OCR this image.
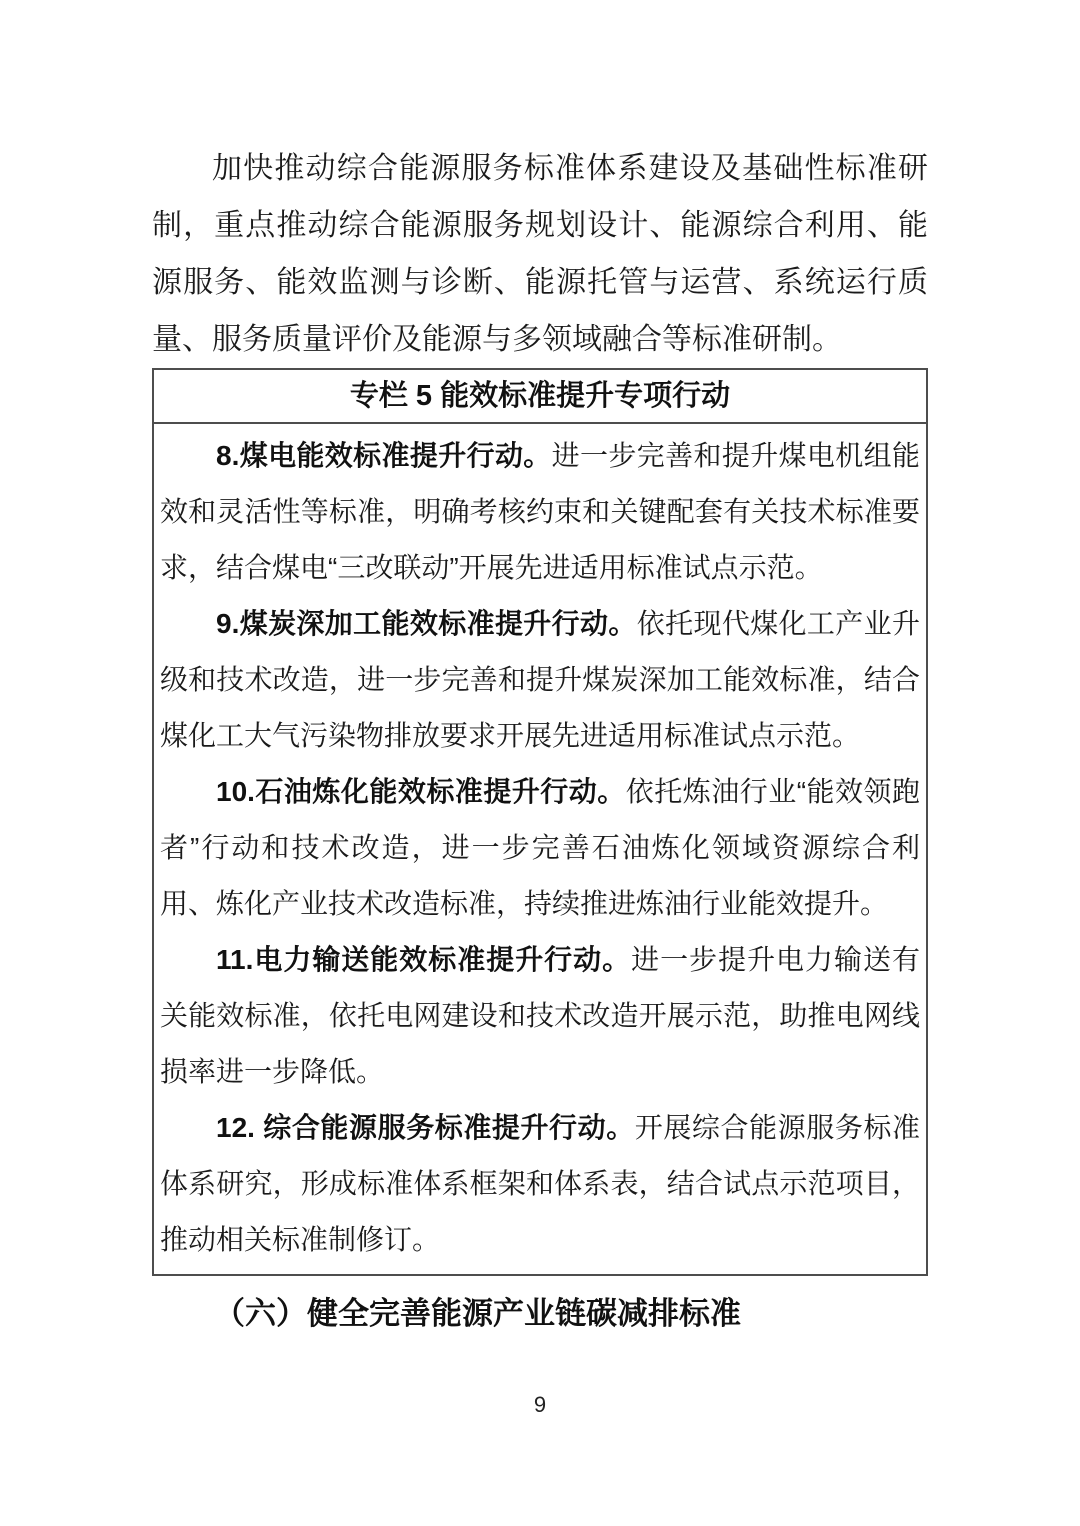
加快推动综合能源服务标准体系建设及基础性标准研制，重点推动综合能源服务规划设计、能源综合利用、能源服务、能效监测与诊断、能源托管与运营、系统运行质量、服务质量评价及能源与多领域融合等标准研制。

专栏 5 能效标准提升专项行动

8.煤电能效标准提升行动。进一步完善和提升煤电机组能效和灵活性等标准，明确考核约束和关键配套有关技术标准要求，结合煤电“三改联动”开展先进适用标准试点示范。

9.煤炭深加工能效标准提升行动。依托现代煤化工产业升级和技术改造，进一步完善和提升煤炭深加工能效标准，结合煤化工大气污染物排放要求开展先进适用标准试点示范。

10.石油炼化能效标准提升行动。依托炼油行业“能效领跑者”行动和技术改造，进一步完善石油炼化领域资源综合利用、炼化产业技术改造标准，持续推进炼油行业能效提升。

11.电力输送能效标准提升行动。进一步提升电力输送有关能效标准，依托电网建设和技术改造开展示范，助推电网线损率进一步降低。

12. 综合能源服务标准提升行动。开展综合能源服务标准体系研究，形成标准体系框架和体系表，结合试点示范项目，推动相关标准制修订。

（六）健全完善能源产业链碳减排标准
9
